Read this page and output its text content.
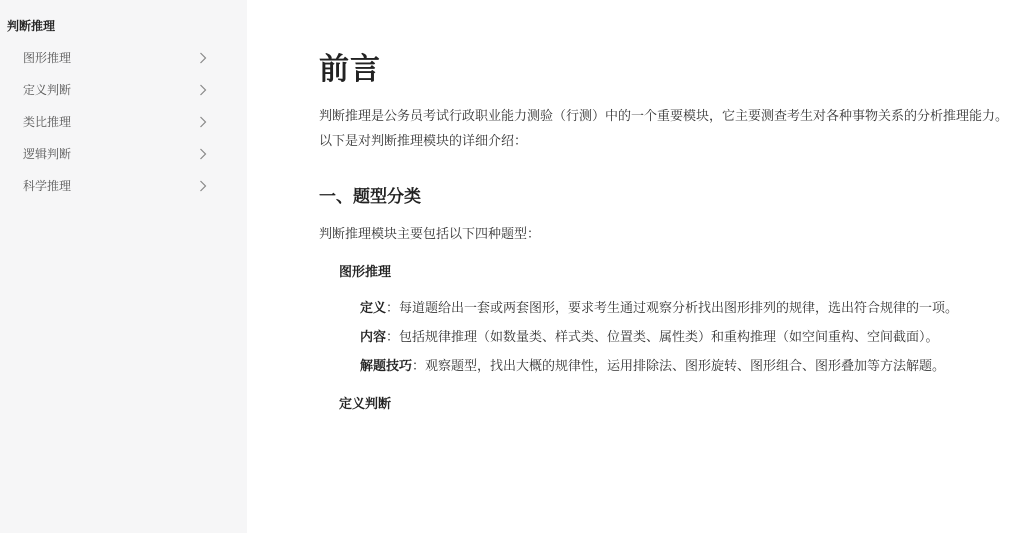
判断推理
图形推理
定义判断
类比推理
逻辑判断
科学推理
前言

判断推理是公务员考试行政职业能力测验（行测）中的一个重要模块，它主要测查考生对各种事物关系的分析推理能力。以下是对判断推理模块的详细介绍：

一、题型分类

判断推理模块主要包括以下四种题型：

图形推理
定义：每道题给出一套或两套图形，要求考生通过观察分析找出图形排列的规律，选出符合规律的一项。
内容：包括规律推理（如数量类、样式类、位置类、属性类）和重构推理（如空间重构、空间截面）。
解题技巧：观察题型，找出大概的规律性，运用排除法、图形旋转、图形组合、图形叠加等方法解题。
定义判断
